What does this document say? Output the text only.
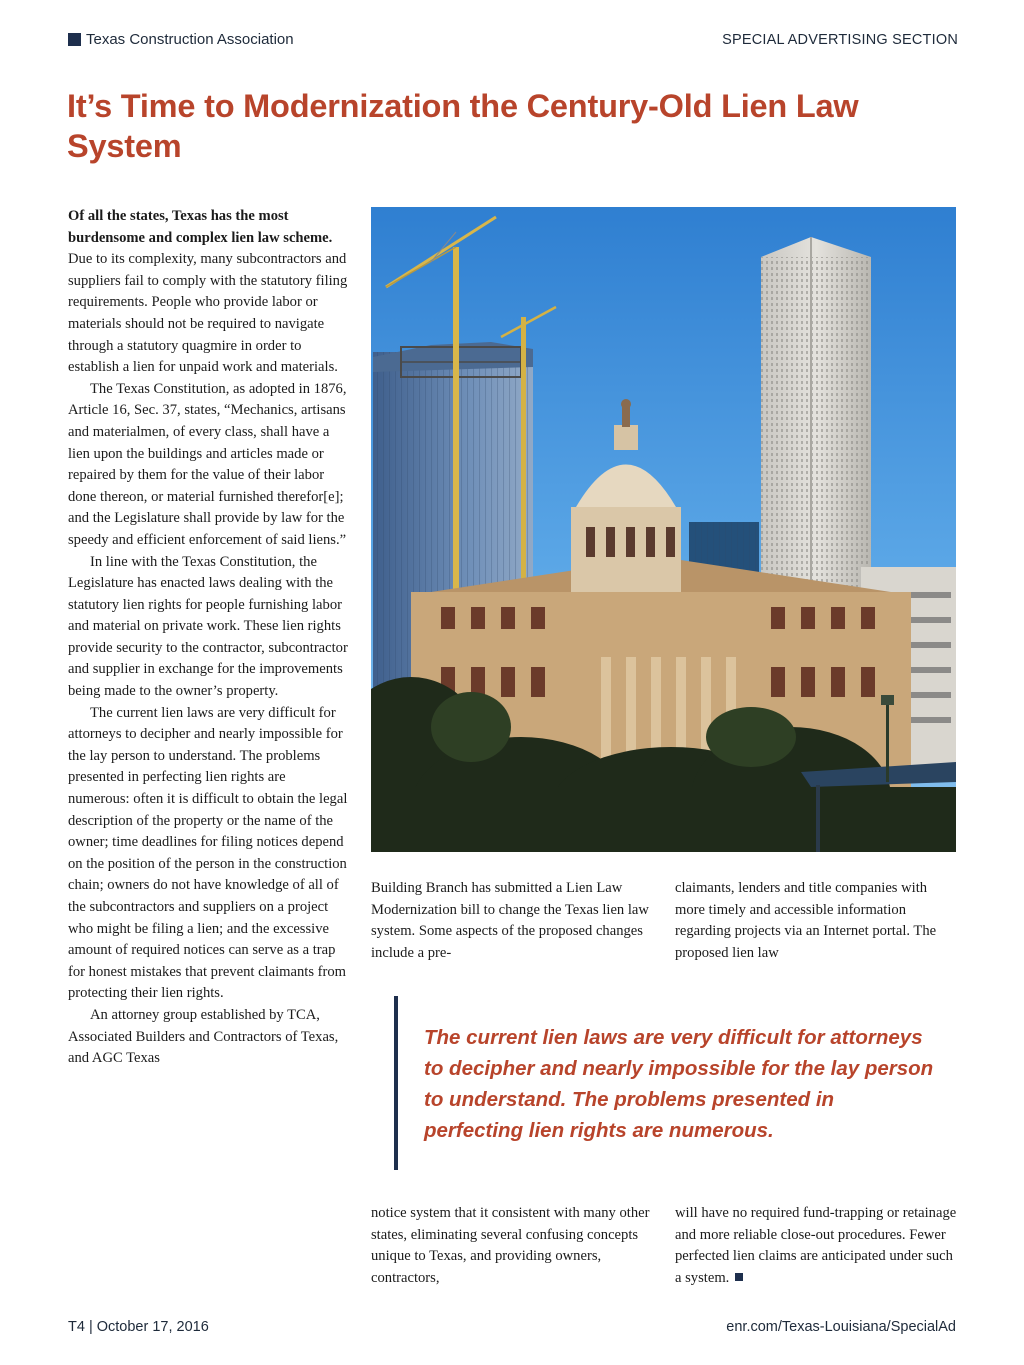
Texas Construction Association	SPECIAL ADVERTISING SECTION
It’s Time to Modernization the Century-Old Lien Law System

Of all the states, Texas has the most burdensome and complex lien law scheme. Due to its complexity, many subcontractors and suppliers fail to comply with the statutory filing requirements. People who provide labor or materials should not be required to navigate through a statutory quagmire in order to establish a lien for unpaid work and materials.

The Texas Constitution, as adopted in 1876, Article 16, Sec. 37, states, “Mechanics, artisans and materialmen, of every class, shall have a lien upon the buildings and articles made or repaired by them for the value of their labor done thereon, or material furnished therefor[e]; and the Legislature shall provide by law for the speedy and efficient enforcement of said liens.”

In line with the Texas Constitution, the Legislature has enacted laws dealing with the statutory lien rights for people furnishing labor and material on private work. These lien rights provide security to the contractor, subcontractor and supplier in exchange for the improvements being made to the owner’s property.

The current lien laws are very difficult for attorneys to decipher and nearly impossible for the lay person to understand. The problems presented in perfecting lien rights are numerous: often it is difficult to obtain the legal description of the property or the name of the owner; time deadlines for filing notices depend on the position of the person in the construction chain; owners do not have knowledge of all of the subcontractors and suppliers on a project who might be filing a lien; and the excessive amount of required notices can serve as a trap for honest mistakes that prevent claimants from protecting their lien rights.

An attorney group established by TCA, Associated Builders and Contractors of Texas, and AGC Texas

Building Branch has submitted a Lien Law Modernization bill to change the Texas lien law system. Some aspects of the proposed changes include a pre-
claimants, lenders and title companies with more timely and accessible information regarding projects via an Internet portal. The proposed lien law

The current lien laws are very difficult for attorneys to decipher and nearly impossible for the lay person to understand. The problems presented in perfecting lien rights are numerous.

notice system that it consistent with many other states, eliminating several confusing concepts unique to Texas, and providing owners, contractors,
will have no required fund-trapping or retainage and more reliable close-out procedures. Fewer perfected lien claims are anticipated under such a system.
T4 | October 17, 2016	enr.com/Texas-Louisiana/SpecialAd
